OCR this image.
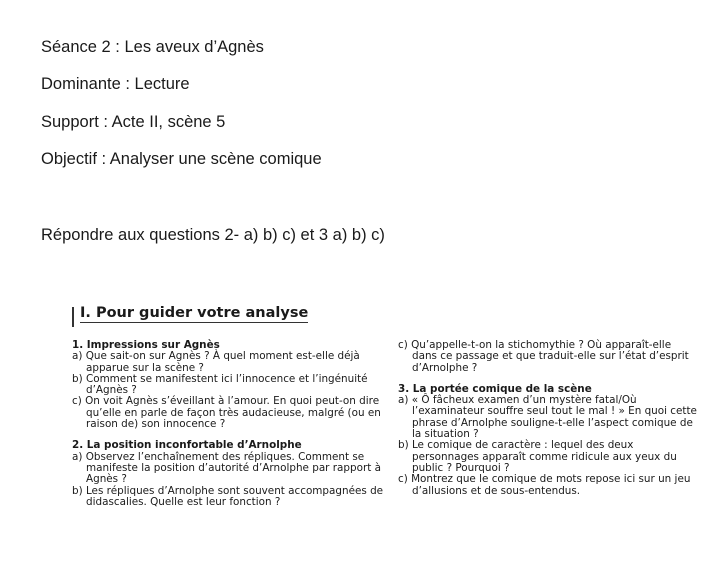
Séance 2 : Les aveux d’Agnès
Dominante : Lecture
Support : Acte II, scène 5
Objectif : Analyser une scène comique
Répondre aux questions 2- a) b) c) et 3 a) b) c)
I. Pour guider votre analyse
1. Impressions sur Agnès
a) Que sait-on sur Agnès ? À quel moment est-elle déjà apparue sur la scène ?
b) Comment se manifestent ici l’innocence et l’ingénuité d’Agnès ?
c) On voit Agnès s’éveillant à l’amour. En quoi peut-on dire qu’elle en parle de façon très audacieuse, malgré (ou en raison de) son innocence ?
2. La position inconfortable d’Arnolphe
a) Observez l’enchaînement des répliques. Comment se manifeste la position d’autorité d’Arnolphe par rapport à Agnès ?
b) Les répliques d’Arnolphe sont souvent accompagnées de didascalies. Quelle est leur fonction ?
c) Qu’appelle-t-on la stichomythie ? Où apparaît-elle dans ce passage et que traduit-elle sur l’état d’esprit d’Arnolphe ?
3. La portée comique de la scène
a) « Ô fâcheux examen d’un mystère fatal/Où l’examinateur souffre seul tout le mal ! » En quoi cette phrase d’Arnolphe souligne-t-elle l’aspect comique de la situation ?
b) Le comique de caractère : lequel des deux personnages apparaît comme ridicule aux yeux du public ? Pourquoi ?
c) Montrez que le comique de mots repose ici sur un jeu d’allusions et de sous-entendus.
